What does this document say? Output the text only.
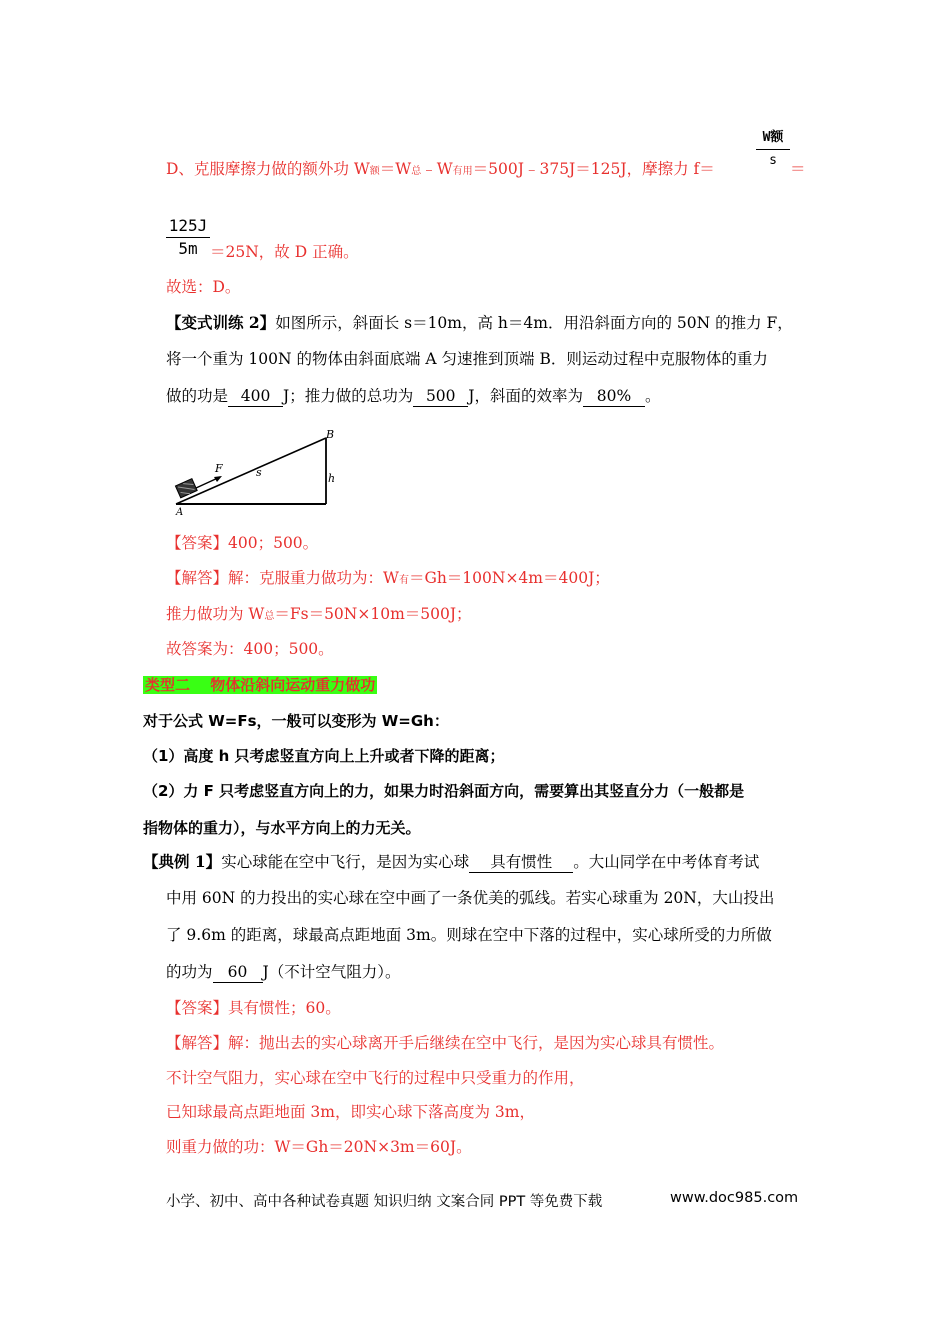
D、克服摩擦力做的额外功 W额＝W总﹣W有用＝500J﹣375J＝125J，摩擦力 f＝
W额
s ＝
125J
5m ＝25N，故 D 正确。
故选：D。
【变式训练 2】如图所示，斜面长 s＝10m，高 h＝4m．用沿斜面方向的 50N 的推力 F，
将一个重为 100N 的物体由斜面底端 A 匀速推到顶端 B．则运动过程中克服物体的重力
做的功是 400 J；推力做的总功为 500 J，斜面的效率为 80% 。
F	s	h
B
A
【答案】400；500。
【解答】解：克服重力做功为：W有＝Gh＝100N×4m＝400J；
推力做功为 W总＝Fs＝50N×10m＝500J；
故答案为：400；500。
类型二　 物体沿斜向运动重力做功
对于公式 W=Fs，一般可以变形为 W=Gh：
（1）高度 h 只考虑竖直方向上上升或者下降的距离；
（2）力 F 只考虑竖直方向上的力，如果力时沿斜面方向，需要算出其竖直分力（一般都是
指物体的重力），与水平方向上的力无关。
【典例 1】实心球能在空中飞行，是因为实心球 具有惯性 。大山同学在中考体育考试
中用 60N 的力投出的实心球在空中画了一条优美的弧线。若实心球重为 20N，大山投出
了 9.6m 的距离，球最高点距地面 3m。则球在空中下落的过程中，实心球所受的力所做
的功为 60 J（不计空气阻力）。
【答案】具有惯性；60。
【解答】解：抛出去的实心球离开手后继续在空中飞行，是因为实心球具有惯性。
不计空气阻力，实心球在空中飞行的过程中只受重力的作用，
已知球最高点距地面 3m，即实心球下落高度为 3m，
则重力做的功：W＝Gh＝20N×3m＝60J。
小学、初中、高中各种试卷真题 知识归纳 文案合同 PPT 等免费下载	www.doc985.com
